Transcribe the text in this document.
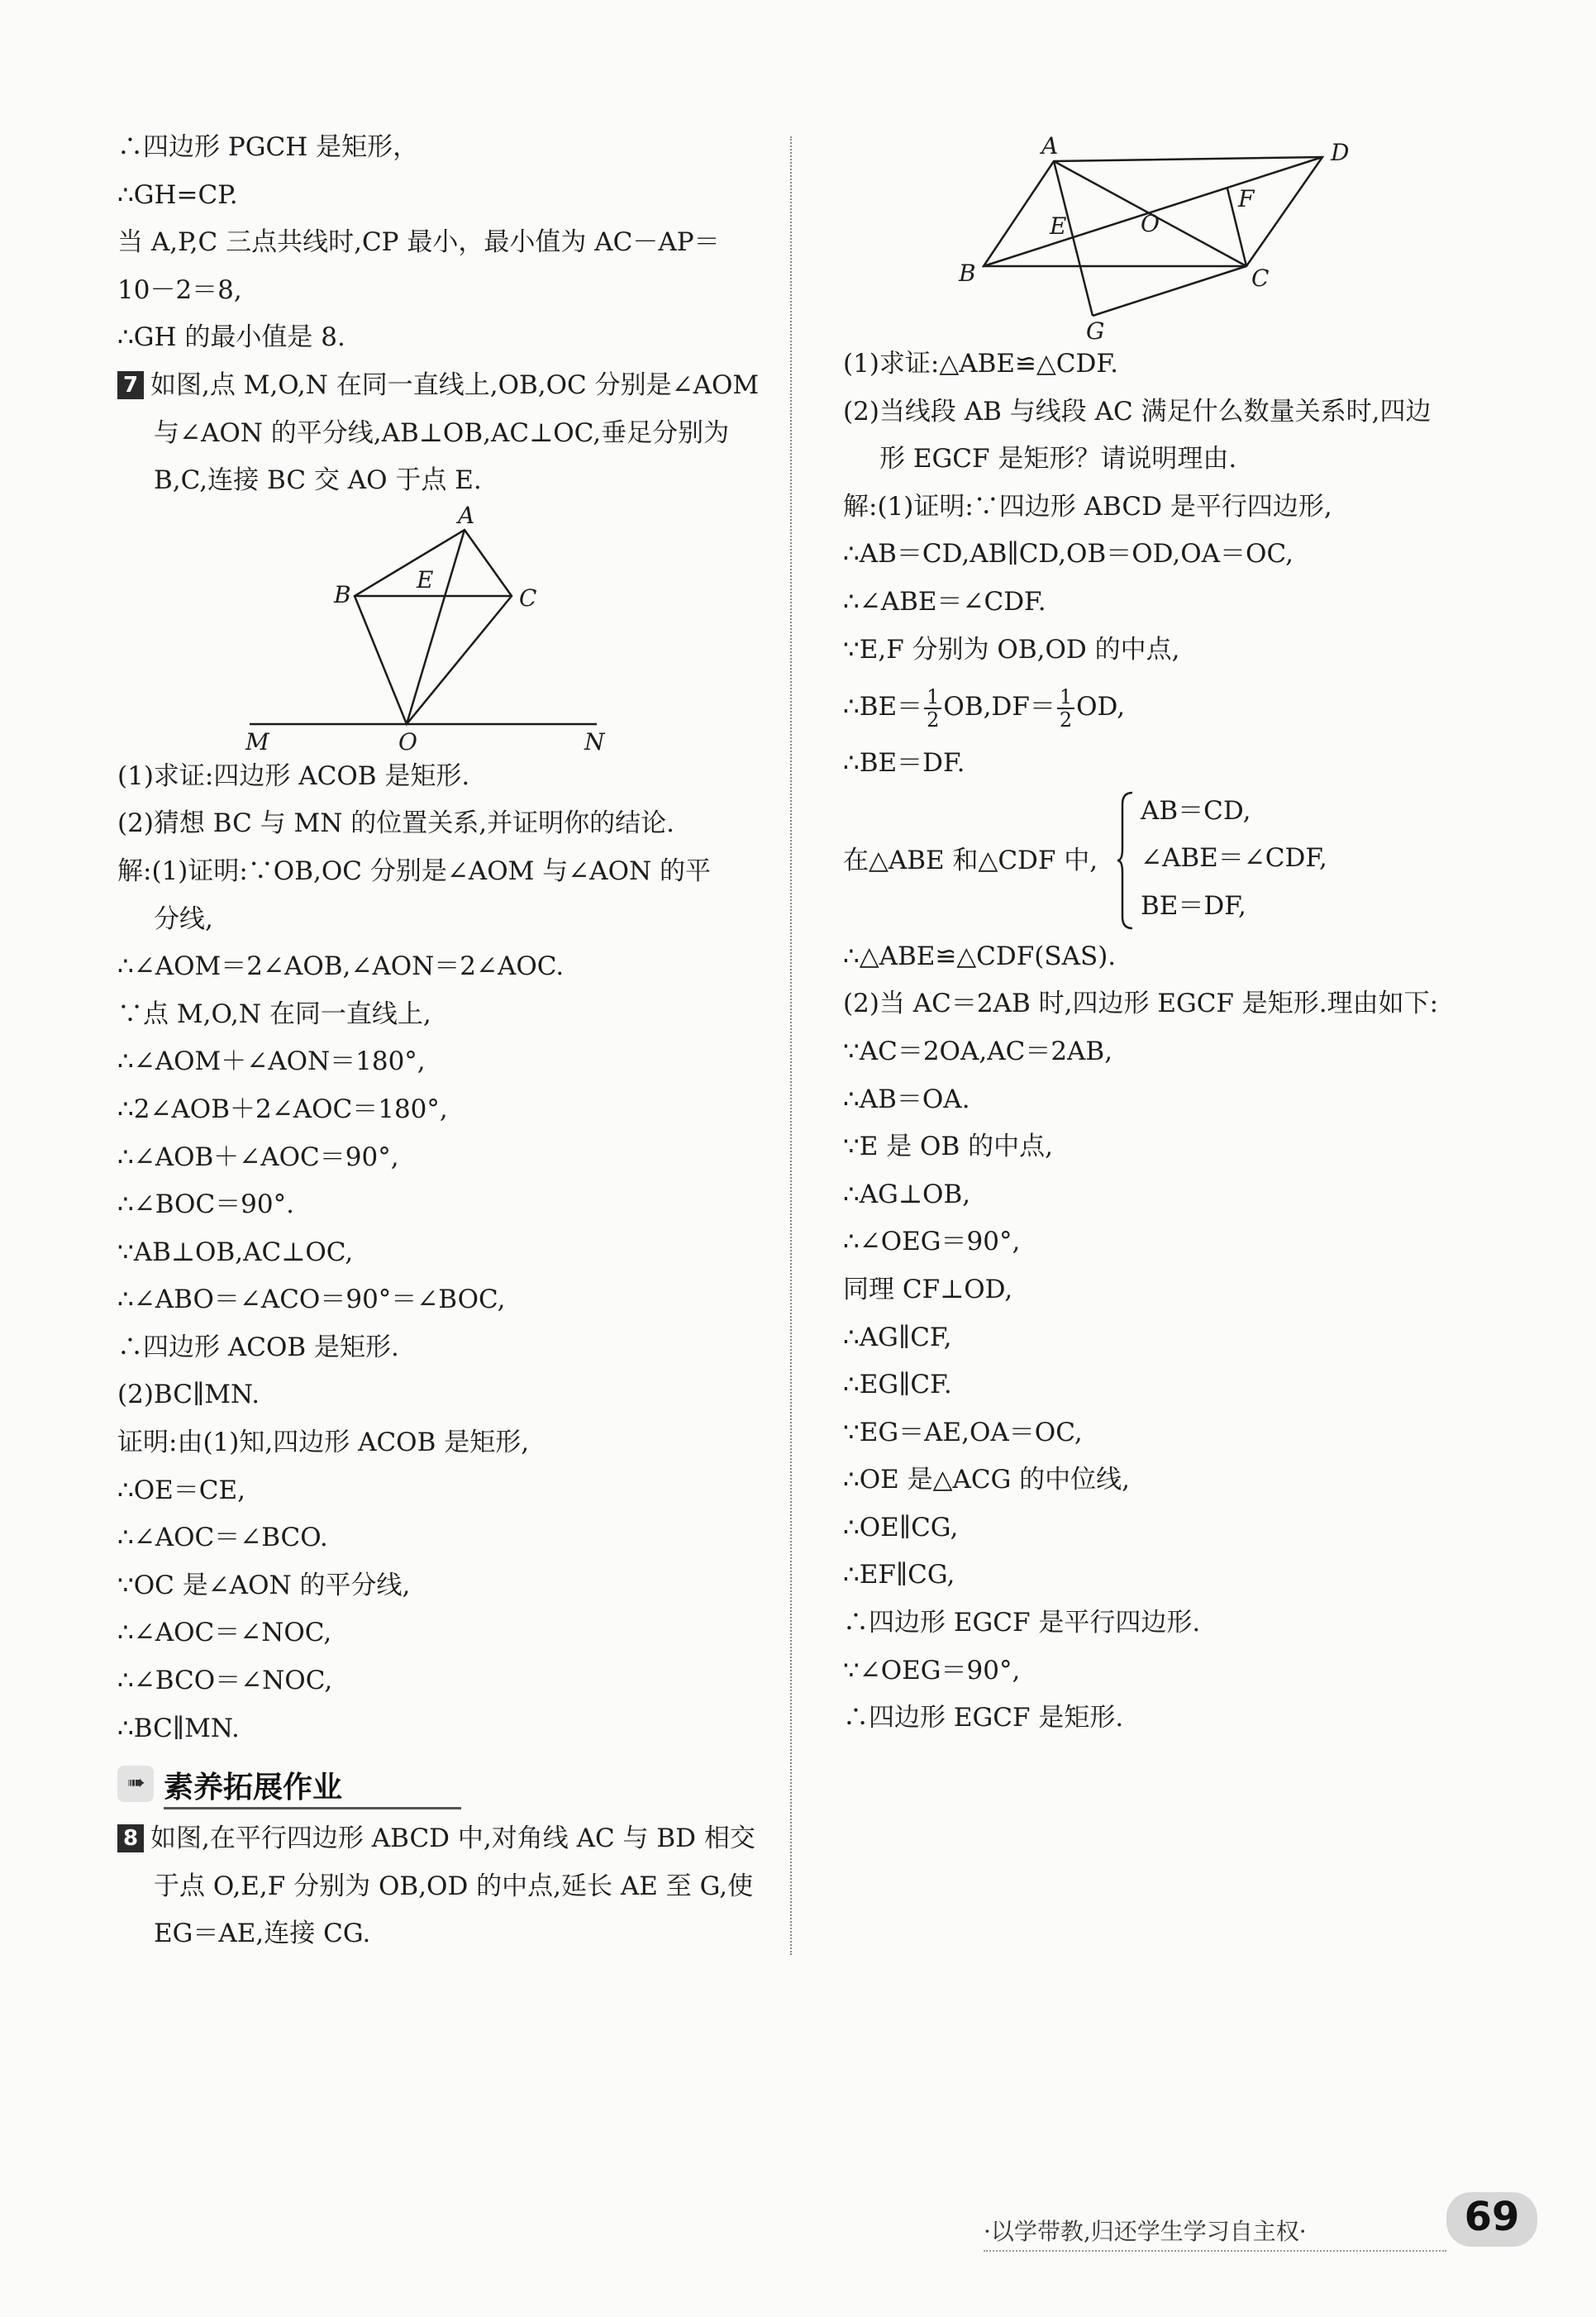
∴四边形 PGCH 是矩形，
∴GH=CP.
当 A,P,C 三点共线时,CP 最小，最小值为 AC－AP＝
10－2＝8,
∴GH 的最小值是 8.
7 如图,点 M,O,N 在同一直线上,OB,OC 分别是∠AOM
与∠AON 的平分线,AB⊥OB,AC⊥OC,垂足分别为
B,C,连接 BC 交 AO 于点 E.
A
B	C
E
O
M	N
(1)求证:四边形 ACOB 是矩形.
(2)猜想 BC 与 MN 的位置关系,并证明你的结论.
解:(1)证明:∵OB,OC 分别是∠AOM 与∠AON 的平
分线,
∴∠AOM＝2∠AOB,∠AON＝2∠AOC.
∵点 M,O,N 在同一直线上,
∴∠AOM＋∠AON＝180°,
∴2∠AOB＋2∠AOC＝180°,
∴∠AOB＋∠AOC＝90°,
∴∠BOC＝90°.
∵AB⊥OB,AC⊥OC,
∴∠ABO＝∠ACO＝90°＝∠BOC,
∴四边形 ACOB 是矩形.
(2)BC∥MN.
证明:由(1)知,四边形 ACOB 是矩形,
∴OE＝CE,
∴∠AOC＝∠BCO.
∵OC 是∠AON 的平分线,
∴∠AOC＝∠NOC,
∴∠BCO＝∠NOC,
∴BC∥MN.
➠ 素养拓展作业
8 如图,在平行四边形 ABCD 中,对角线 AC 与 BD 相交
于点 O,E,F 分别为 OB,OD 的中点,延长 AE 至 G,使
EG＝AE,连接 CG.
A	D
B	C
E
F
O
G
(1)求证:△ABE≌△CDF.
(2)当线段 AB 与线段 AC 满足什么数量关系时,四边
形 EGCF 是矩形？请说明理由.
解:(1)证明:∵四边形 ABCD 是平行四边形,
∴AB＝CD,AB∥CD,OB＝OD,OA＝OC,
∴∠ABE＝∠CDF.
∵E,F 分别为 OB,OD 的中点,
∴BE＝ $\frac{1}{2} OB,DF= \frac{1}{2}$ OD,
∴BE＝DF.
在△ABE 和△CDF 中,
AB＝CD,
∠ABE＝∠CDF,
BE＝DF,
∴△ABE≌△CDF(SAS).
(2)当 AC＝2AB 时,四边形 EGCF 是矩形.理由如下:
∵AC＝2OA,AC＝2AB,
∴AB＝OA.
∵E 是 OB 的中点,
∴AG⊥OB,
∴∠OEG＝90°,
同理 CF⊥OD,
∴AG∥CF,
∴EG∥CF.
∵EG＝AE,OA＝OC,
∴OE 是△ACG 的中位线,
∴OE∥CG,
∴EF∥CG,
∴四边形 EGCF 是平行四边形.
∵∠OEG＝90°,
∴四边形 EGCF 是矩形.
·以学带教,归还学生学习自主权·	69
